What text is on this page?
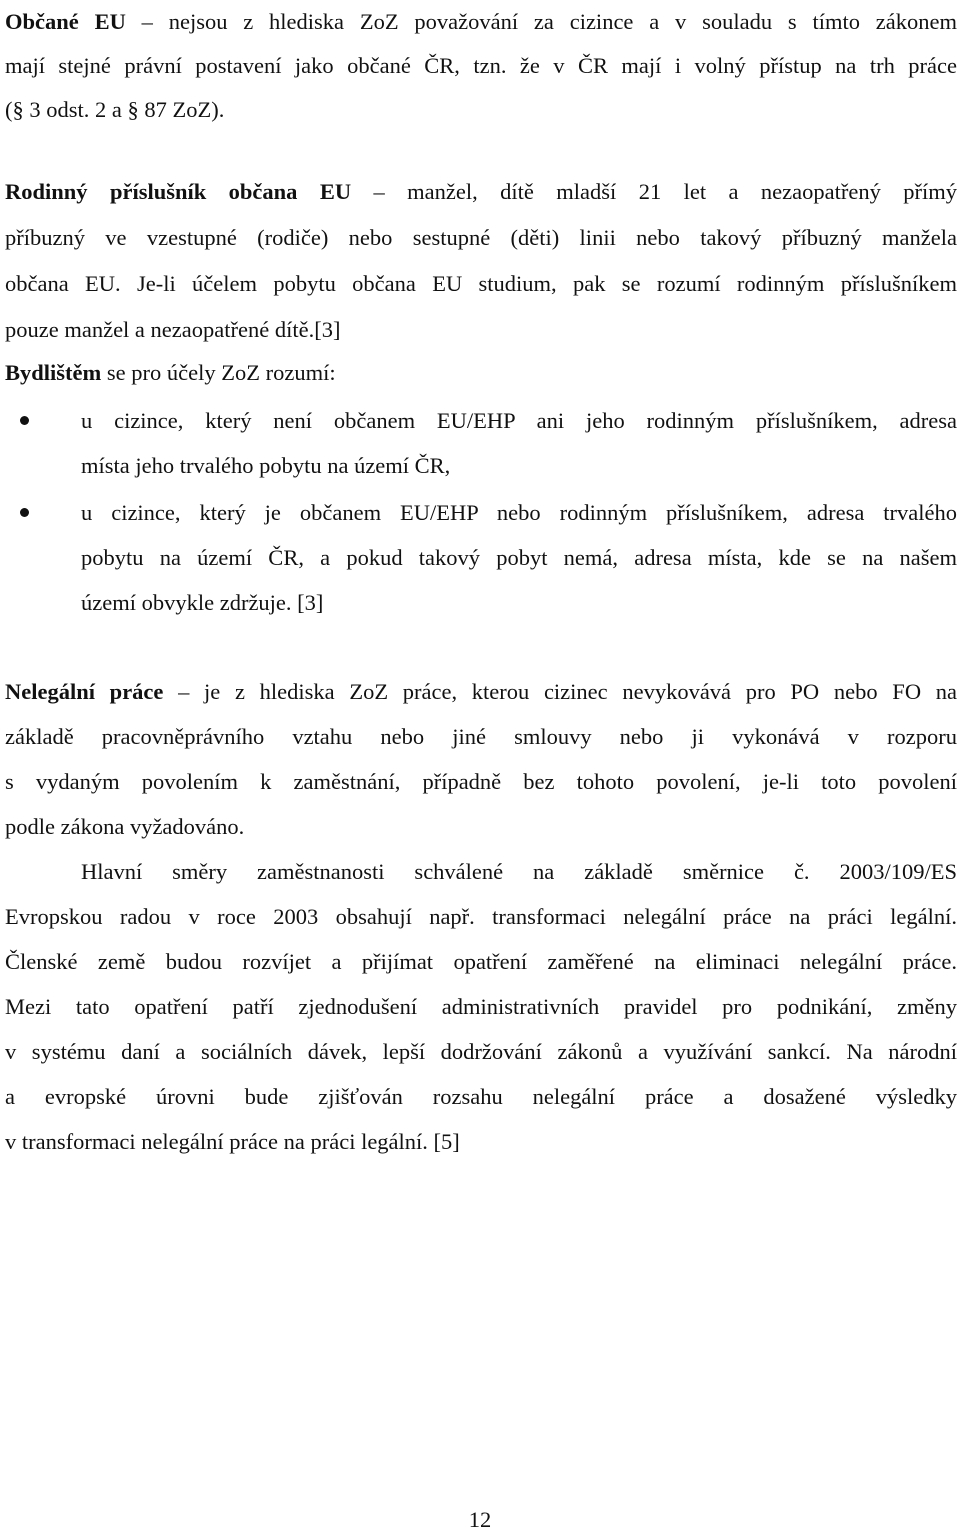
Občané EU – nejsou z hlediska ZoZ považování za cizince a v souladu s tímto zákonem
mají stejné právní postavení jako občané ČR, tzn. že v ČR mají i volný přístup na trh práce
(§ 3 odst. 2 a § 87 ZoZ).
Rodinný příslušník občana EU – manžel, dítě mladší 21 let a nezaopatřený přímý
příbuzný ve vzestupné (rodiče) nebo sestupné (děti) linii nebo takový příbuzný manžela
občana EU. Je-li účelem pobytu občana EU studium, pak se rozumí rodinným příslušníkem
pouze manžel a nezaopatřené dítě.[3]
Bydlištěm se pro účely ZoZ rozumí:
u cizince, který není občanem EU/EHP ani jeho rodinným příslušníkem, adresa
místa jeho trvalého pobytu na území ČR,
u cizince, který je občanem EU/EHP nebo rodinným příslušníkem, adresa trvalého
pobytu na území ČR, a pokud takový pobyt nemá, adresa místa, kde se na našem
území obvykle zdržuje. [3]
Nelegální práce – je z hlediska ZoZ práce, kterou cizinec nevykovává pro PO nebo FO na
základě pracovněprávního vztahu nebo jiné smlouvy nebo ji vykonává v rozporu
s vydaným povolením k zaměstnání, případně bez tohoto povolení, je-li toto povolení
podle zákona vyžadováno.
Hlavní směry zaměstnanosti schválené na základě směrnice č. 2003/109/ES
Evropskou radou v roce 2003 obsahují např. transformaci nelegální práce na práci legální.
Členské země budou rozvíjet a přijímat opatření zaměřené na eliminaci nelegální práce.
Mezi tato opatření patří zjednodušení administrativních pravidel pro podnikání, změny
v systému daní a sociálních dávek, lepší dodržování zákonů a využívání sankcí. Na národní
a evropské úrovni bude zjišťován rozsahu nelegální práce a dosažené výsledky
v transformaci nelegální práce na práci legální. [5]
12
